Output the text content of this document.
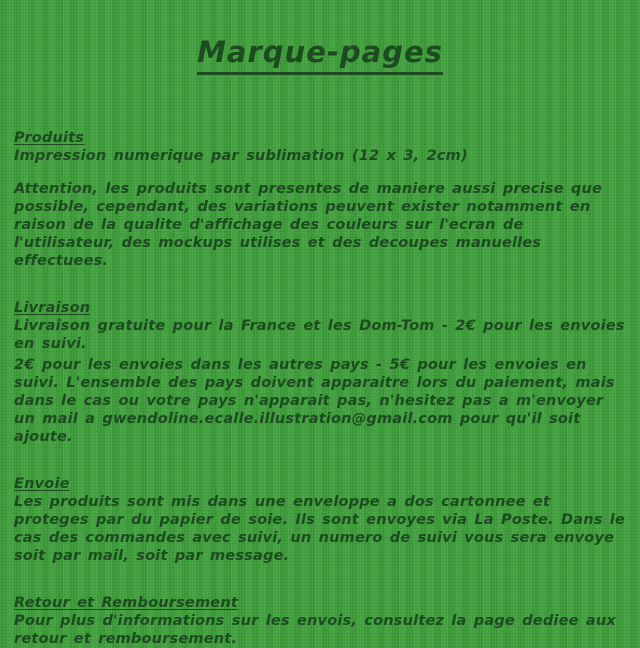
Marque-pages
Produits

Impression numerique par sublimation (12 x 3, 2cm)

Attention, les produits sont presentes de maniere aussi precise que possible, cependant, des variations peuvent exister notamment en raison de la qualite d'affichage des couleurs sur l'ecran de l'utilisateur, des mockups utilises et des decoupes manuelles effectuees.

Livraison

Livraison gratuite pour la France et les Dom-Tom - 2€ pour les envoies en suivi.

2€ pour les envoies dans les autres pays - 5€ pour les envoies en suivi. L'ensemble des pays doivent apparaitre lors du paiement, mais dans le cas ou votre pays n'apparait pas, n'hesitez pas a m'envoyer un mail a gwendoline.ecalle.illustration@gmail.com pour qu'il soit ajoute.

Envoie

Les produits sont mis dans une enveloppe a dos cartonnee et proteges par du papier de soie. Ils sont envoyes via La Poste. Dans le cas des commandes avec suivi, un numero de suivi vous sera envoye soit par mail, soit par message.

Retour et Remboursement

Pour plus d'informations sur les envois, consultez la page dediee aux retour et remboursement.
